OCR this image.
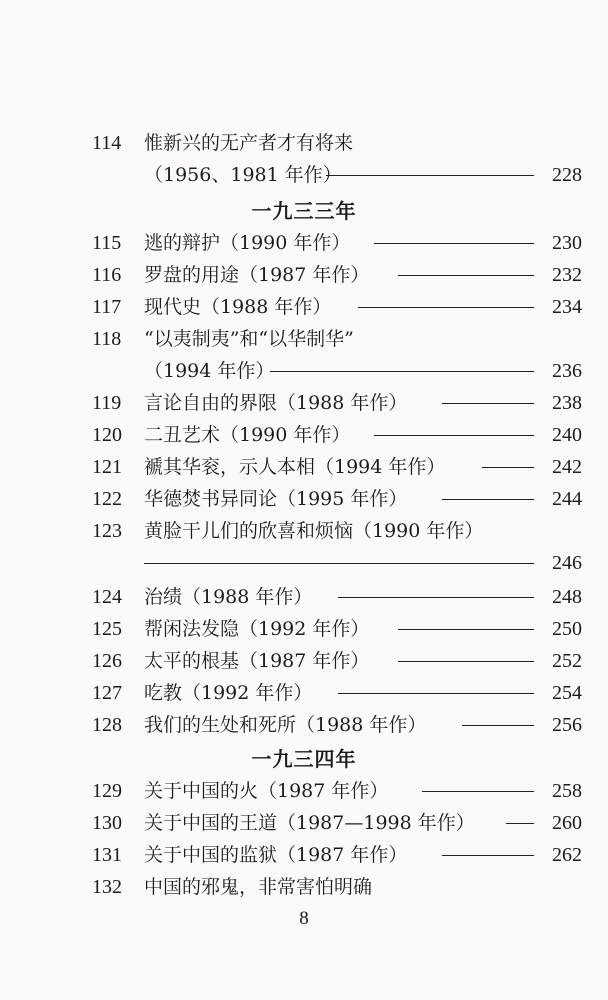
114	惟新兴的无产者才有将来
（1956、1981 年作）	228
一九三三年
115	逃的辩护（1990 年作）	230
116	罗盘的用途（1987 年作）	232
117	现代史（1988 年作）	234
118	“以夷制夷”和“以华制华”
（1994 年作）	236
119	言论自由的界限（1988 年作）	238
120	二丑艺术（1990 年作）	240
121	褫其华衮，示人本相（1994 年作）	242
122	华德焚书异同论（1995 年作）	244
123	黄脸干儿们的欣喜和烦恼（1990 年作）
246
124	治绩（1988 年作）	248
125	帮闲法发隐（1992 年作）	250
126	太平的根基（1987 年作）	252
127	吃教（1992 年作）	254
128	我们的生处和死所（1988 年作）	256
一九三四年
129	关于中国的火（1987 年作）	258
130	关于中国的王道（1987—1998 年作）	260
131	关于中国的监狱（1987 年作）	262
132	中国的邪鬼，非常害怕明确
8
